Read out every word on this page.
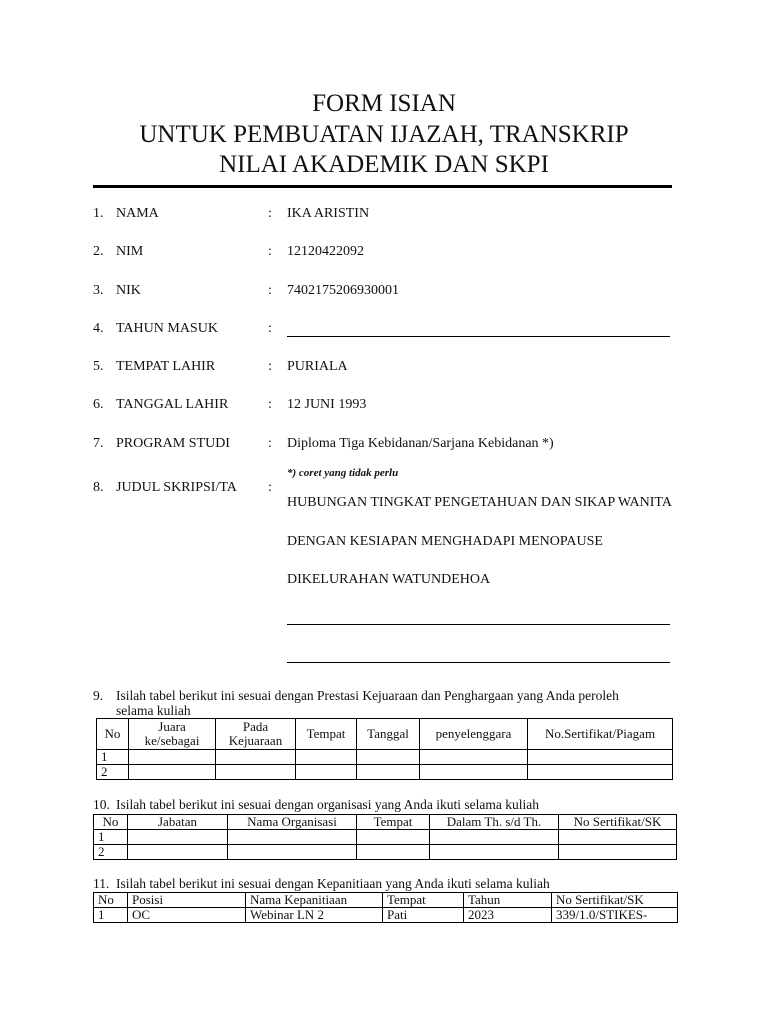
FORM ISIAN
UNTUK PEMBUATAN IJAZAH, TRANSKRIP
NILAI AKADEMIK DAN SKPI
1. NAMA	: IKA ARISTIN
2. NIM	: 12120422092
3. NIK	: 7402175206930001
4. TAHUN MASUK	:
5. TEMPAT LAHIR	: PURIALA
6. TANGGAL LAHIR	: 12 JUNI 1993
7. PROGRAM STUDI	: Diploma Tiga Kebidanan/Sarjana Kebidanan *)
*) coret yang tidak perlu
8. JUDUL SKRIPSI/TA :
HUBUNGAN TINGKAT PENGETAHUAN DAN SIKAP WANITA
DENGAN KESIAPAN MENGHADAPI MENOPAUSE
DIKELURAHAN WATUNDEHOA
9. Isilah tabel berikut ini sesuai dengan Prestasi Kejuaraan dan Penghargaan yang Anda peroleh
selama kuliah
No	Juara ke/sebagai	Pada Kejuaraan	Tempat	Tanggal	penyelenggara	No.Sertifikat/Piagam
1						
2						
10. Isilah tabel berikut ini sesuai dengan organisasi yang Anda ikuti selama kuliah
No	Jabatan	Nama Organisasi	Tempat	Dalam Th. s/d Th.	No Sertifikat/SK
1					
2					
11. Isilah tabel berikut ini sesuai dengan Kepanitiaan yang Anda ikuti selama kuliah
No	Posisi	Nama Kepanitiaan	Tempat	Tahun	No Sertifikat/SK
1	OC	Webinar LN 2	Pati	2023	339/1.0/STIKES-
